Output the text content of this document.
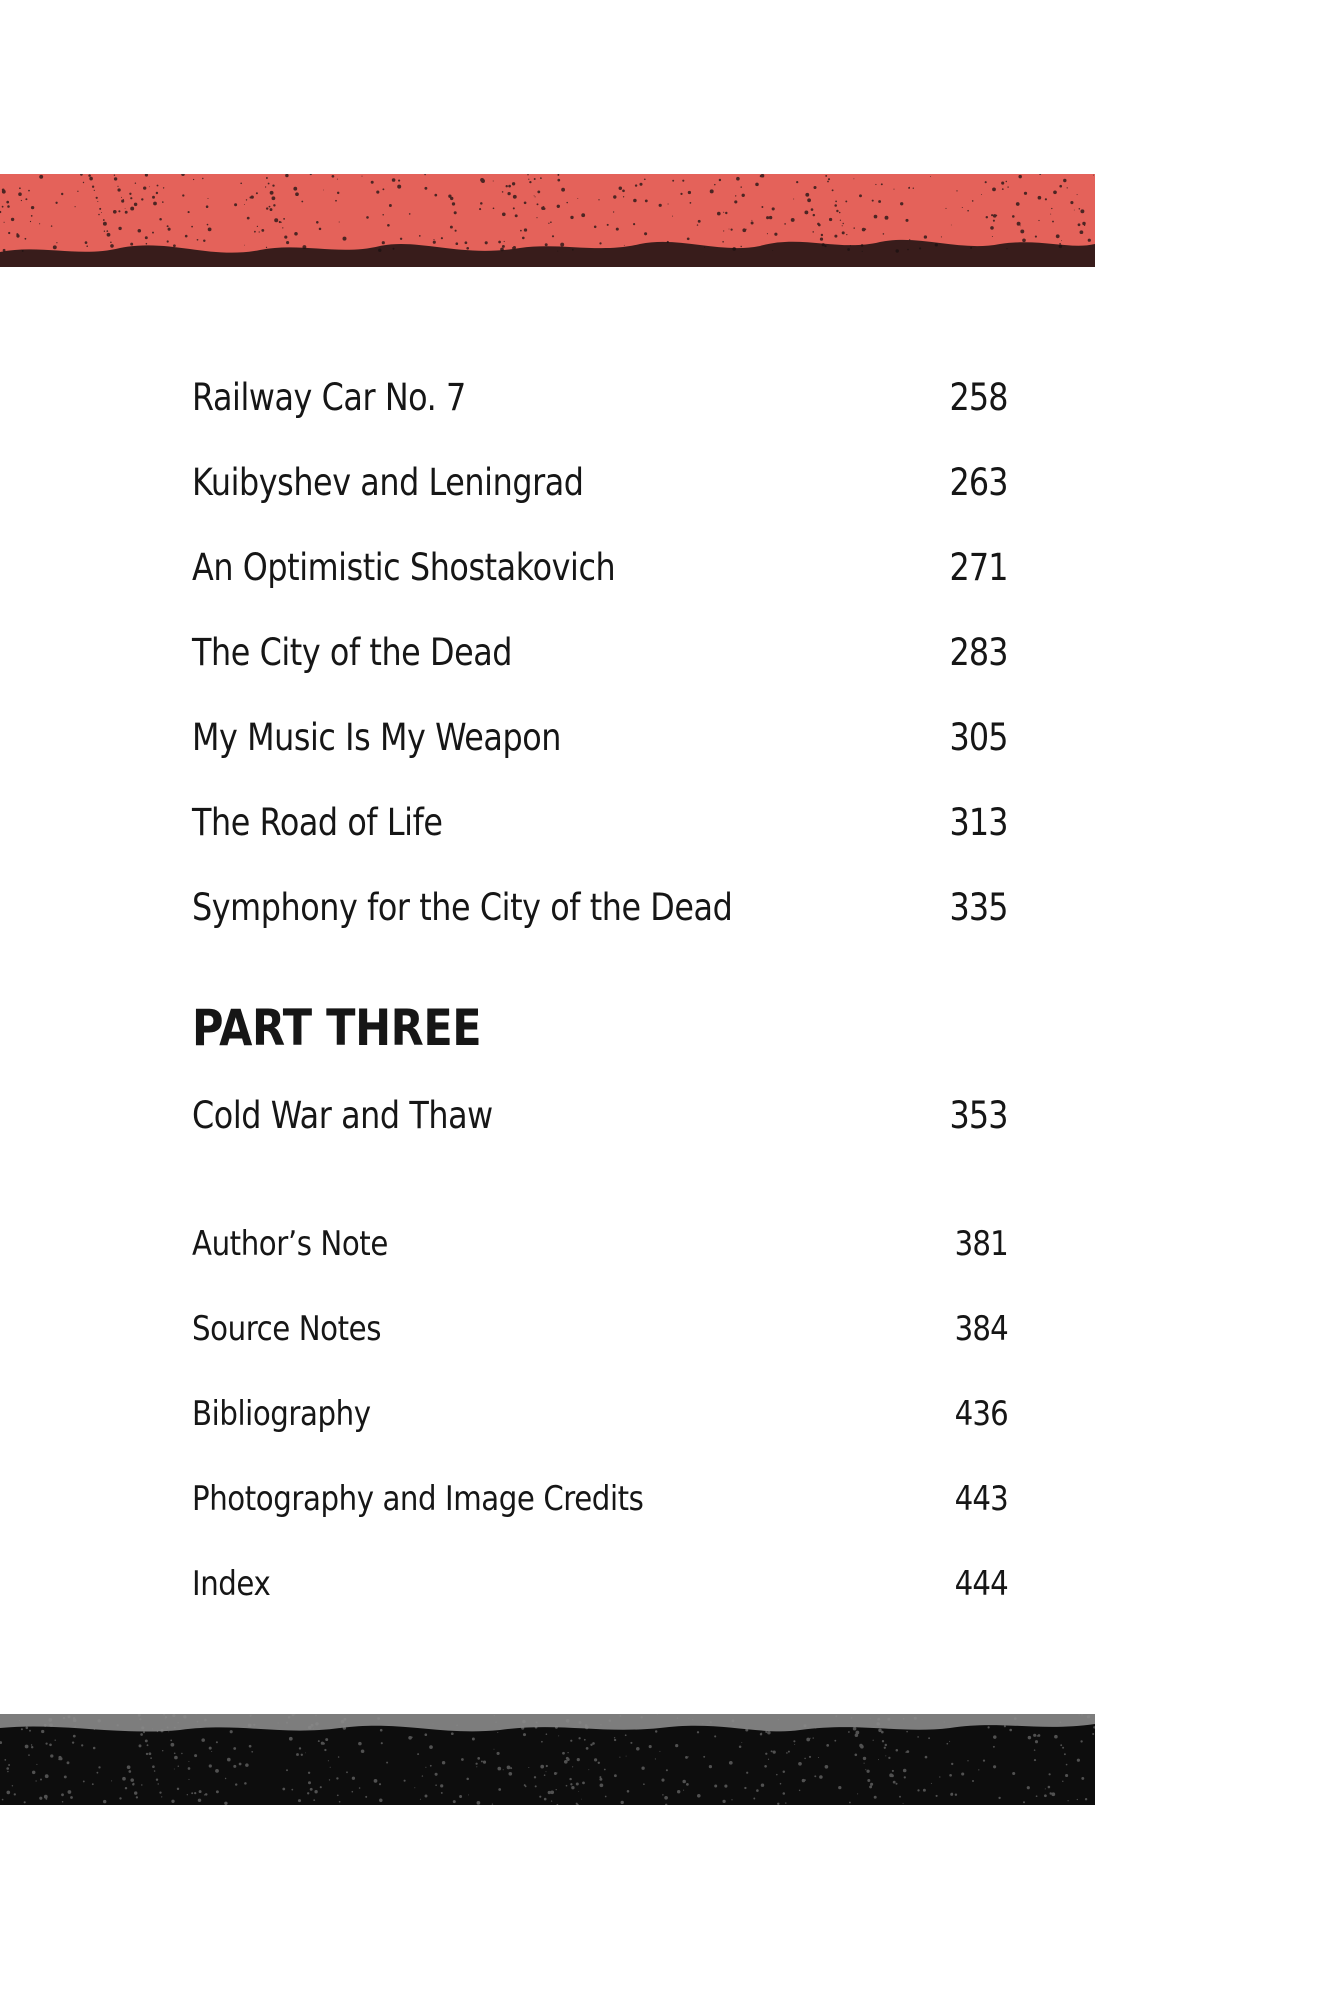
Railway Car No. 7	258
Kuibyshev and Leningrad	263
An Optimistic Shostakovich	271
The City of the Dead	283
My Music Is My Weapon	305
The Road of Life	313
Symphony for the City of the Dead	335
PART THREE
Cold War and Thaw	353
Author’s Note	381
Source Notes	384
Bibliography	436
Photography and Image Credits	443
Index	444
